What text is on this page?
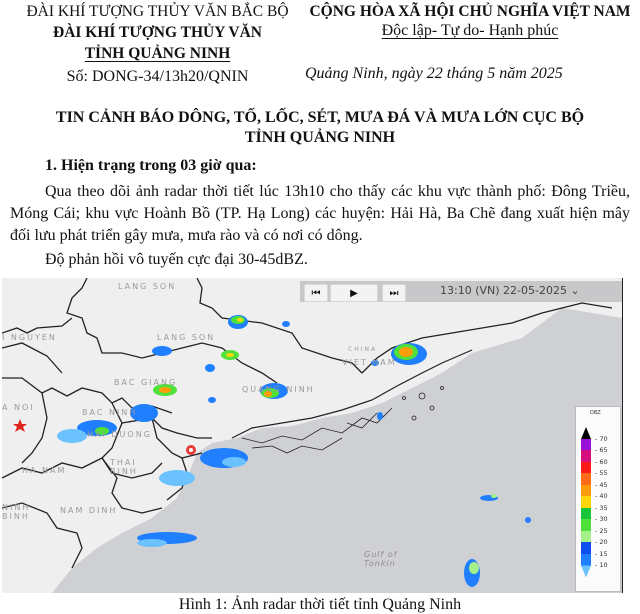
ĐÀI KHÍ TƯỢNG THỦY VĂN BẮC BỘ
ĐÀI KHÍ TƯỢNG THỦY VĂN
TỈNH QUẢNG NINH
Số: DONG-34/13h20/QNIN
CỘNG HÒA XÃ HỘI CHỦ NGHĨA VIỆT NAM
Độc lập- Tự do- Hạnh phúc
Quảng Ninh, ngày 22 tháng 5 năm 2025
TIN CẢNH BÁO DÔNG, TỐ, LỐC, SÉT, MƯA ĐÁ VÀ MƯA LỚN CỤC BỘ
TỈNH QUẢNG NINH
1. Hiện trạng trong 03 giờ qua:
Qua theo dõi ảnh radar thời tiết lúc 13h10 cho thấy các khu vực thành phố: Đông Triều, Móng Cái; khu vực Hoành Bồ (TP. Hạ Long) các huyện: Hải Hà, Ba Chẽ đang xuất hiện mây đối lưu phát triển gây mưa, mưa rào và có nơi có dông.
Độ phản hồi vô tuyến cực đại 30-45dBZ.
LANG SON
LANG SON
I NGUYEN
BAC GIANG
A NOI
BAC NINH
HAI DUONG
HA NAM
THAI BINH
NINH BINH
NAM DINH
QUANG NINH
VIET NAM
CHINA
Gulf of Tonkin
⏮	▶	⏭	13:10 (VN) 22-05-2025 ⌄
DBZ
- 70
- 65
- 60
- 55
- 45
- 40
- 35
- 30
- 25
- 20
- 15
- 10
Hình 1: Ảnh radar thời tiết tỉnh Quảng Ninh
